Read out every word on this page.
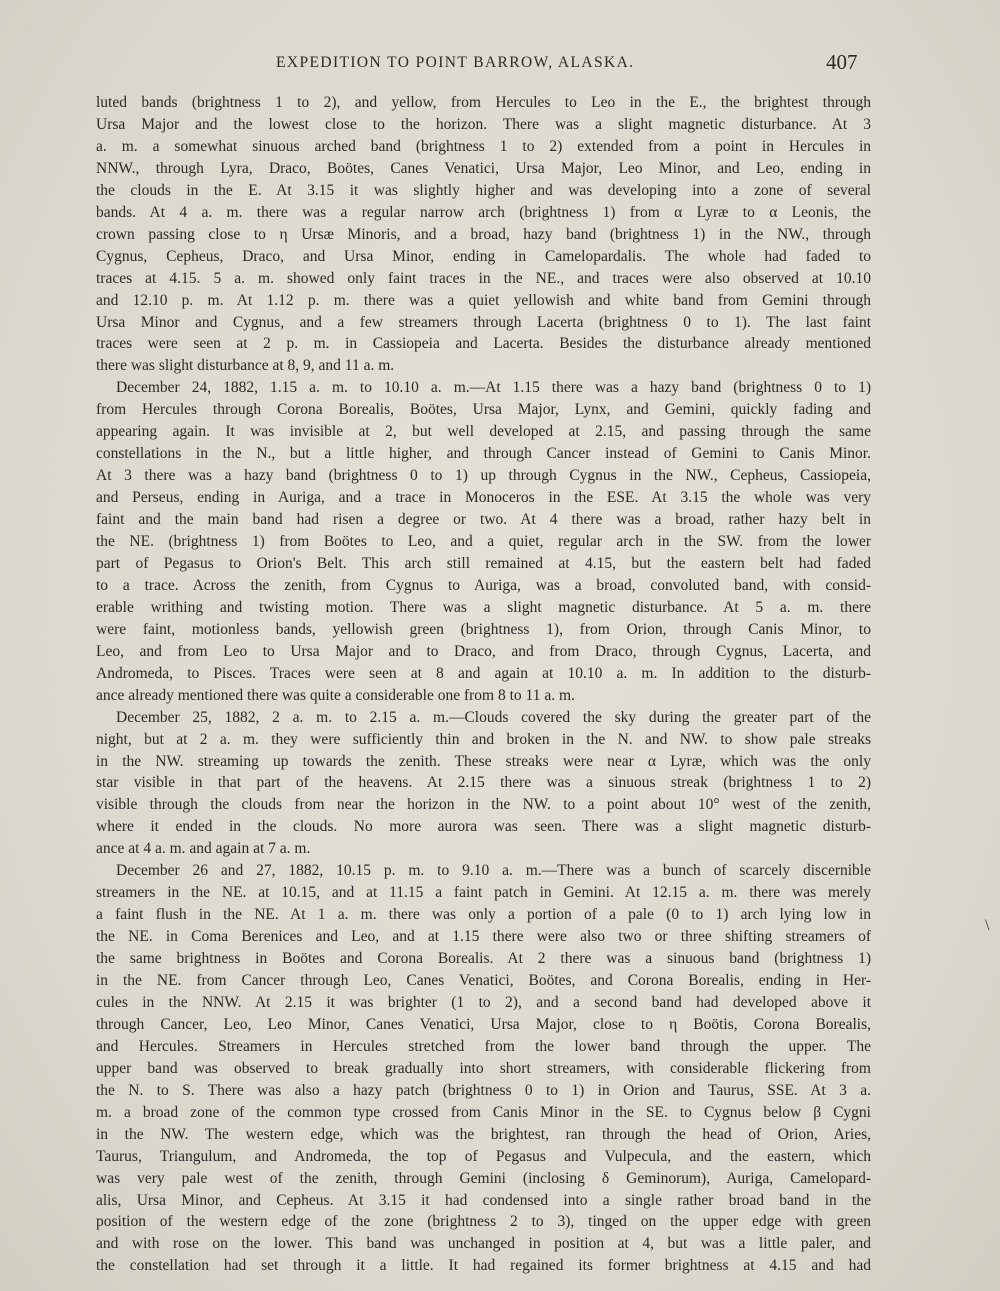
EXPEDITION TO POINT BARROW, ALASKA.	407
luted bands (brightness 1 to 2), and yellow, from Hercules to Leo in the E., the brightest through
Ursa Major and the lowest close to the horizon. There was a slight magnetic disturbance. At 3
a. m. a somewhat sinuous arched band (brightness 1 to 2) extended from a point in Hercules in
NNW., through Lyra, Draco, Boötes, Canes Venatici, Ursa Major, Leo Minor, and Leo, ending in
the clouds in the E. At 3.15 it was slightly higher and was developing into a zone of several
bands. At 4 a. m. there was a regular narrow arch (brightness 1) from α Lyræ to α Leonis, the
crown passing close to η Ursæ Minoris, and a broad, hazy band (brightness 1) in the NW., through
Cygnus, Cepheus, Draco, and Ursa Minor, ending in Camelopardalis. The whole had faded to
traces at 4.15. 5 a. m. showed only faint traces in the NE., and traces were also observed at 10.10
and 12.10 p. m. At 1.12 p. m. there was a quiet yellowish and white band from Gemini through
Ursa Minor and Cygnus, and a few streamers through Lacerta (brightness 0 to 1). The last faint
traces were seen at 2 p. m. in Cassiopeia and Lacerta. Besides the disturbance already mentioned
there was slight disturbance at 8, 9, and 11 a. m.
December 24, 1882, 1.15 a. m. to 10.10 a. m.—At 1.15 there was a hazy band (brightness 0 to 1)
from Hercules through Corona Borealis, Boötes, Ursa Major, Lynx, and Gemini, quickly fading and
appearing again. It was invisible at 2, but well developed at 2.15, and passing through the same
constellations in the N., but a little higher, and through Cancer instead of Gemini to Canis Minor.
At 3 there was a hazy band (brightness 0 to 1) up through Cygnus in the NW., Cepheus, Cassiopeia,
and Perseus, ending in Auriga, and a trace in Monoceros in the ESE. At 3.15 the whole was very
faint and the main band had risen a degree or two. At 4 there was a broad, rather hazy belt in
the NE. (brightness 1) from Boötes to Leo, and a quiet, regular arch in the SW. from the lower
part of Pegasus to Orion's Belt. This arch still remained at 4.15, but the eastern belt had faded
to a trace. Across the zenith, from Cygnus to Auriga, was a broad, convoluted band, with consid-
erable writhing and twisting motion. There was a slight magnetic disturbance. At 5 a. m. there
were faint, motionless bands, yellowish green (brightness 1), from Orion, through Canis Minor, to
Leo, and from Leo to Ursa Major and to Draco, and from Draco, through Cygnus, Lacerta, and
Andromeda, to Pisces. Traces were seen at 8 and again at 10.10 a. m. In addition to the disturb-
ance already mentioned there was quite a considerable one from 8 to 11 a. m.
December 25, 1882, 2 a. m. to 2.15 a. m.—Clouds covered the sky during the greater part of the
night, but at 2 a. m. they were sufficiently thin and broken in the N. and NW. to show pale streaks
in the NW. streaming up towards the zenith. These streaks were near α Lyræ, which was the only
star visible in that part of the heavens. At 2.15 there was a sinuous streak (brightness 1 to 2)
visible through the clouds from near the horizon in the NW. to a point about 10° west of the zenith,
where it ended in the clouds. No more aurora was seen. There was a slight magnetic disturb-
ance at 4 a. m. and again at 7 a. m.
December 26 and 27, 1882, 10.15 p. m. to 9.10 a. m.—There was a bunch of scarcely discernible
streamers in the NE. at 10.15, and at 11.15 a faint patch in Gemini. At 12.15 a. m. there was merely
a faint flush in the NE. At 1 a. m. there was only a portion of a pale (0 to 1) arch lying low in
the NE. in Coma Berenices and Leo, and at 1.15 there were also two or three shifting streamers of
the same brightness in Boötes and Corona Borealis. At 2 there was a sinuous band (brightness 1)
in the NE. from Cancer through Leo, Canes Venatici, Boötes, and Corona Borealis, ending in Her-
cules in the NNW. At 2.15 it was brighter (1 to 2), and a second band had developed above it
through Cancer, Leo, Leo Minor, Canes Venatici, Ursa Major, close to η Boötis, Corona Borealis,
and Hercules. Streamers in Hercules stretched from the lower band through the upper. The
upper band was observed to break gradually into short streamers, with considerable flickering from
the N. to S. There was also a hazy patch (brightness 0 to 1) in Orion and Taurus, SSE. At 3 a.
m. a broad zone of the common type crossed from Canis Minor in the SE. to Cygnus below β Cygni
in the NW. The western edge, which was the brightest, ran through the head of Orion, Aries,
Taurus, Triangulum, and Andromeda, the top of Pegasus and Vulpecula, and the eastern, which
was very pale west of the zenith, through Gemini (inclosing δ Geminorum), Auriga, Camelopard-
alis, Ursa Minor, and Cepheus. At 3.15 it had condensed into a single rather broad band in the
position of the western edge of the zone (brightness 2 to 3), tinged on the upper edge with green
and with rose on the lower. This band was unchanged in position at 4, but was a little paler, and
the constellation had set through it a little. It had regained its former brightness at 4.15 and had
\
